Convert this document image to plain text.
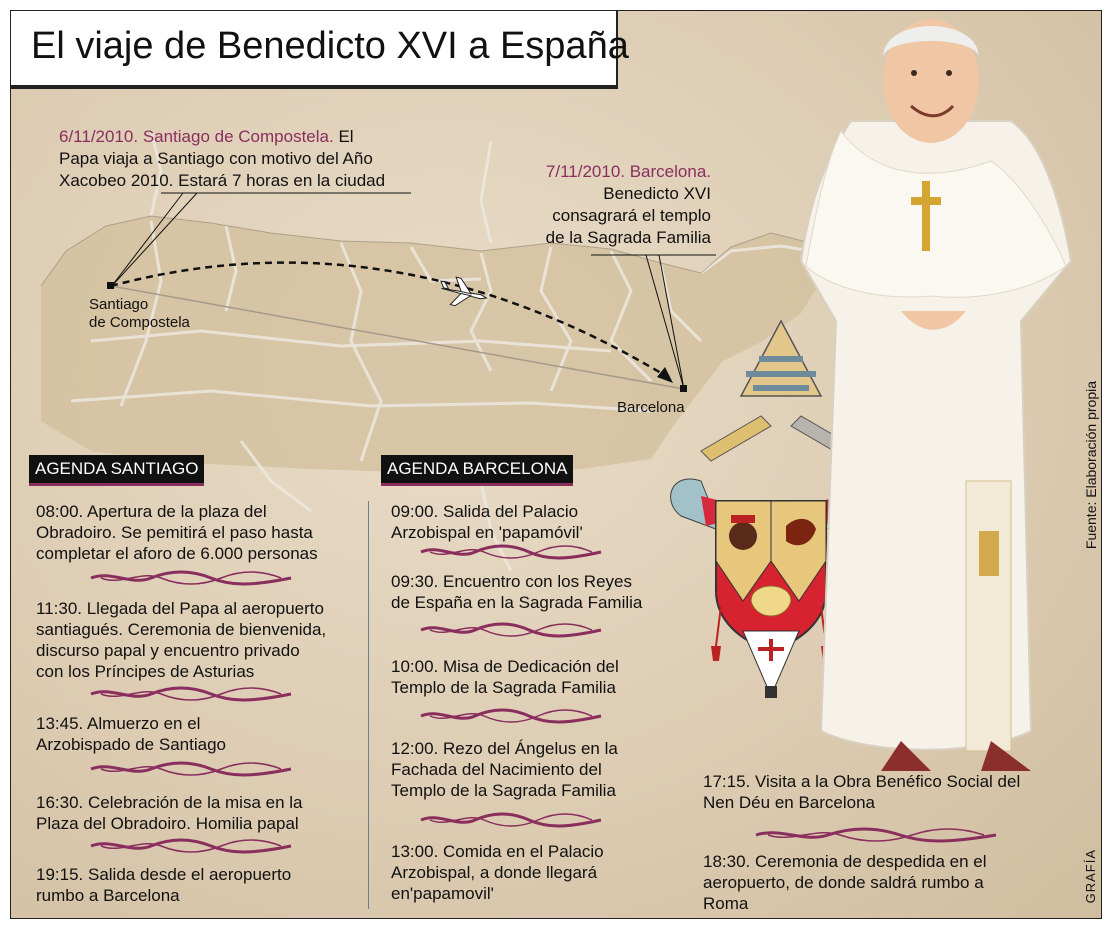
El viaje de Benedicto XVI a España
6/11/2010. Santiago de Compostela. El
Papa viaja a Santiago con motivo del Año
Xacobeo 2010. Estará 7 horas en la ciudad	7/11/2010. Barcelona.
Benedicto XVI
consagrará el templo
de la Sagrada Familia
Santiago
de Compostela
Barcelona
AGENDA SANTIAGO	AGENDA BARCELONA
08:00. Apertura de la plaza del
Obradoiro. Se pemitirá el paso hasta
completar el aforo de 6.000 personas
11:30. Llegada del Papa al aeropuerto
santiagués. Ceremonia de bienvenida,
discurso papal y encuentro privado
con los Príncipes de Asturias
13:45. Almuerzo en el
Arzobispado de Santiago
16:30. Celebración de la misa en la
Plaza del Obradoiro. Homilia papal
19:15. Salida desde el aeropuerto
rumbo a Barcelona
09:00. Salida del Palacio
Arzobispal en 'papamóvil'
09:30. Encuentro con los Reyes
de España en la Sagrada Familia
10:00. Misa de Dedicación del
Templo de la Sagrada Familia
12:00. Rezo del Ángelus en la
Fachada del Nacimiento del
Templo de la Sagrada Familia
13:00. Comida en el Palacio
Arzobispal, a donde llegará
en'papamovil'
17:15. Visita a la Obra Benéfico Social del
Nen Déu en Barcelona
18:30. Ceremonia de despedida en el
aeropuerto, de donde saldrá rumbo a
Roma
Fuente: Elaboración propia
GRAFÍA
